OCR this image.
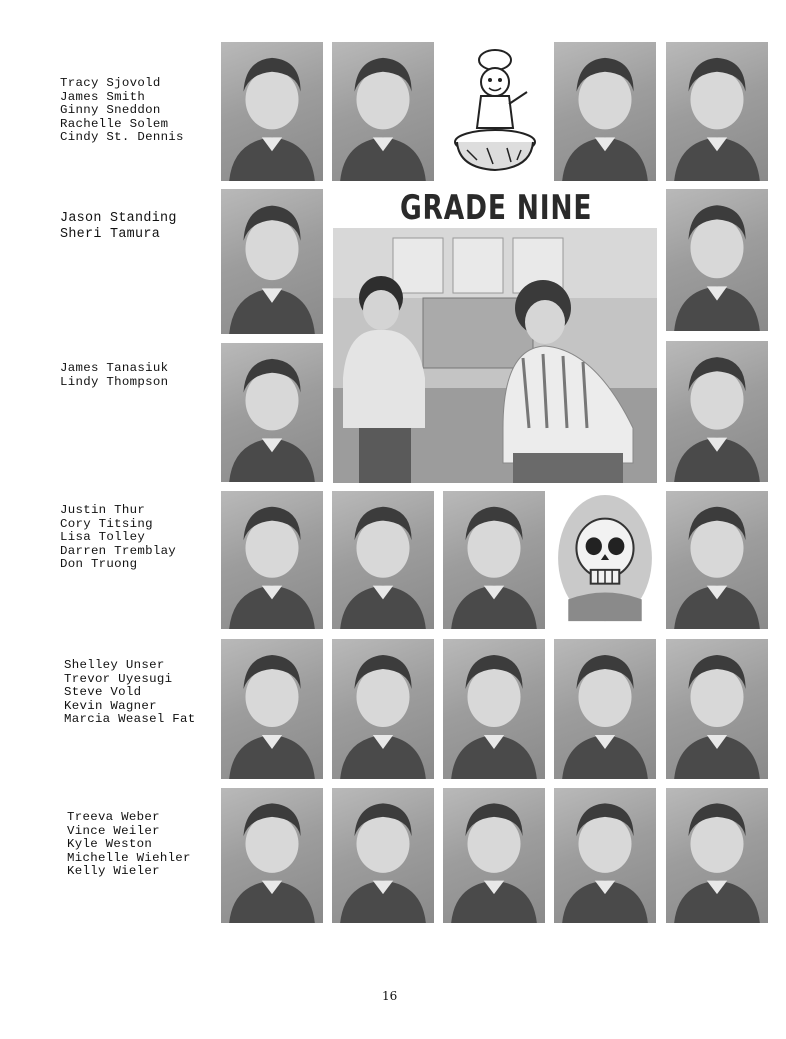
Tracy Sjovold
James Smith
Ginny Sneddon
Rachelle Solem
Cindy St. Dennis
Jason Standing
Sheri Tamura
James Tanasiuk
Lindy Thompson
Justin Thur
Cory Titsing
Lisa Tolley
Darren Tremblay
Don Truong
Shelley Unser
Trevor Uyesugi
Steve Vold
Kevin Wagner
Marcia Weasel Fat
Treeva Weber
Vince Weiler
Kyle Weston
Michelle Wiehler
Kelly Wieler
GRADE NINE
16
